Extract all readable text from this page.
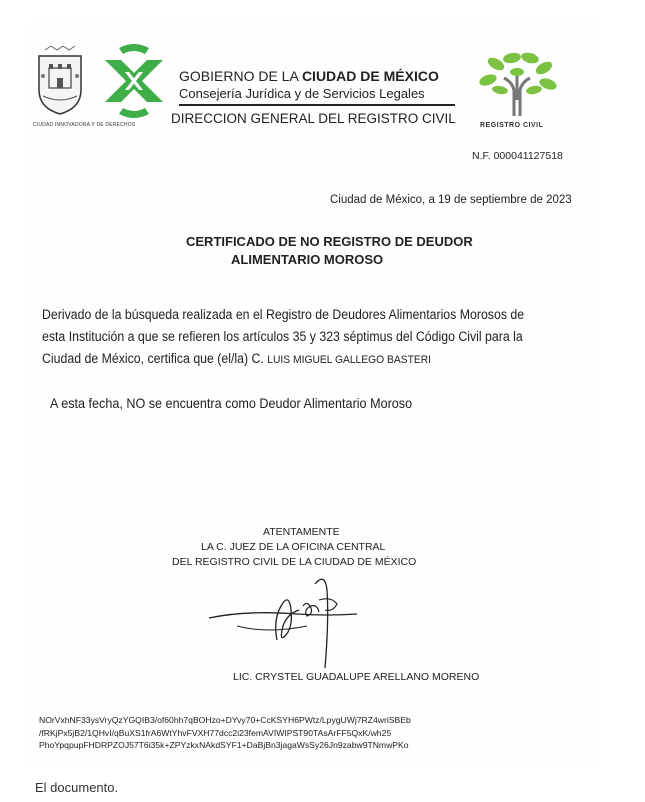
CIUDAD INNOVADORA Y DE DERECHOS
GOBIERNO DE LA CIUDAD DE MÉXICO
Consejería Jurídica y de Servicios Legales
DIRECCION GENERAL DEL REGISTRO CIVIL	REGISTRO CIVIL
N.F. 000041127518
Ciudad de México, a 19 de septiembre de 2023
CERTIFICADO DE NO REGISTRO DE DEUDOR
ALIMENTARIO MOROSO
Derivado de la búsqueda realizada en el Registro de Deudores Alimentarios Morosos de
esta Institución a que se refieren los artículos 35 y 323 séptimus del Código Civil para la
Ciudad de México, certifica que (el/la) C. LUIS MIGUEL GALLEGO BASTERI
A esta fecha, NO se encuentra como Deudor Alimentario Moroso
ATENTAMENTE
LA C. JUEZ DE LA OFICINA CENTRAL
DEL REGISTRO CIVIL DE LA CIUDAD DE MÉXICO
LIC. CRYSTEL GUADALUPE ARELLANO MORENO
NOrVxhNF33ysVryQzYGQIB3/of60hh7qBOHzo+DYvy70+CcKSYH6PWtz/LpygUWj7RZ4wriSBEb
/fRKjPx5jB2/1QHvI/qBuXS1frA6WtYhvFVXH77dcc2i23femAVIWIPST90TAsArFF5QxK/wh25
PhoYpqpupFHDRPZOJ57T6i35k+ZPYzkxNAkdSYF1+DaBjBn3jagaWsSy26Jn9zabw9TNmwPKo
El documento.
